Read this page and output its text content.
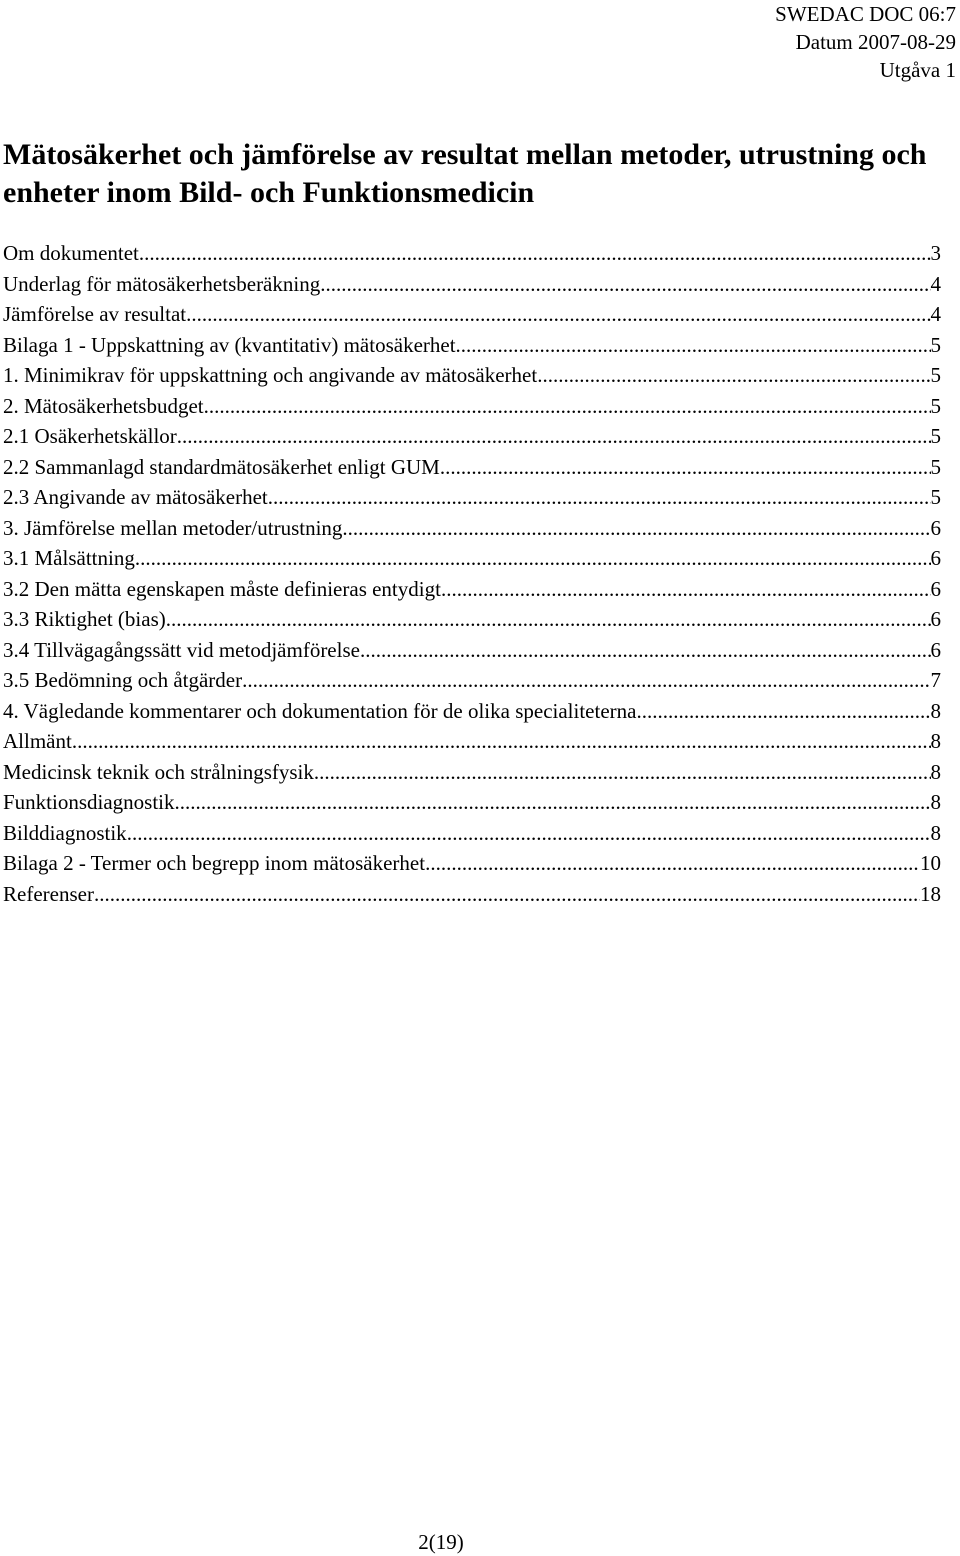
SWEDAC DOC 06:7
Datum 2007-08-29
Utgåva 1
Mätosäkerhet och jämförelse av resultat mellan metoder, utrustning och enheter inom Bild- och Funktionsmedicin
Om dokumentet .....	3
Underlag för mätosäkerhetsberäkning .....	4
Jämförelse av resultat .....	4
Bilaga 1 - Uppskattning av (kvantitativ) mätosäkerhet .....	5
1. Minimikrav för uppskattning och angivande av mätosäkerhet .....	5
2. Mätosäkerhetsbudget .....	5
2.1 Osäkerhetskällor .....	5
2.2 Sammanlagd standardmätosäkerhet enligt GUM .....	5
2.3 Angivande av mätosäkerhet .....	5
3. Jämförelse mellan metoder/utrustning .....	6
3.1 Målsättning .....	6
3.2 Den mätta egenskapen måste definieras entydigt .....	6
3.3 Riktighet (bias) .....	6
3.4 Tillvägagångssätt vid metodjämförelse .....	6
3.5 Bedömning och åtgärder .....	7
4. Vägledande kommentarer och dokumentation för de olika specialiteterna .....	8
Allmänt .....	8
Medicinsk teknik och strålningsfysik .....	8
Funktionsdiagnostik .....	8
Bilddiagnostik .....	8
Bilaga 2 - Termer och begrepp inom mätosäkerhet .....	10
Referenser .....	18
2(19)
